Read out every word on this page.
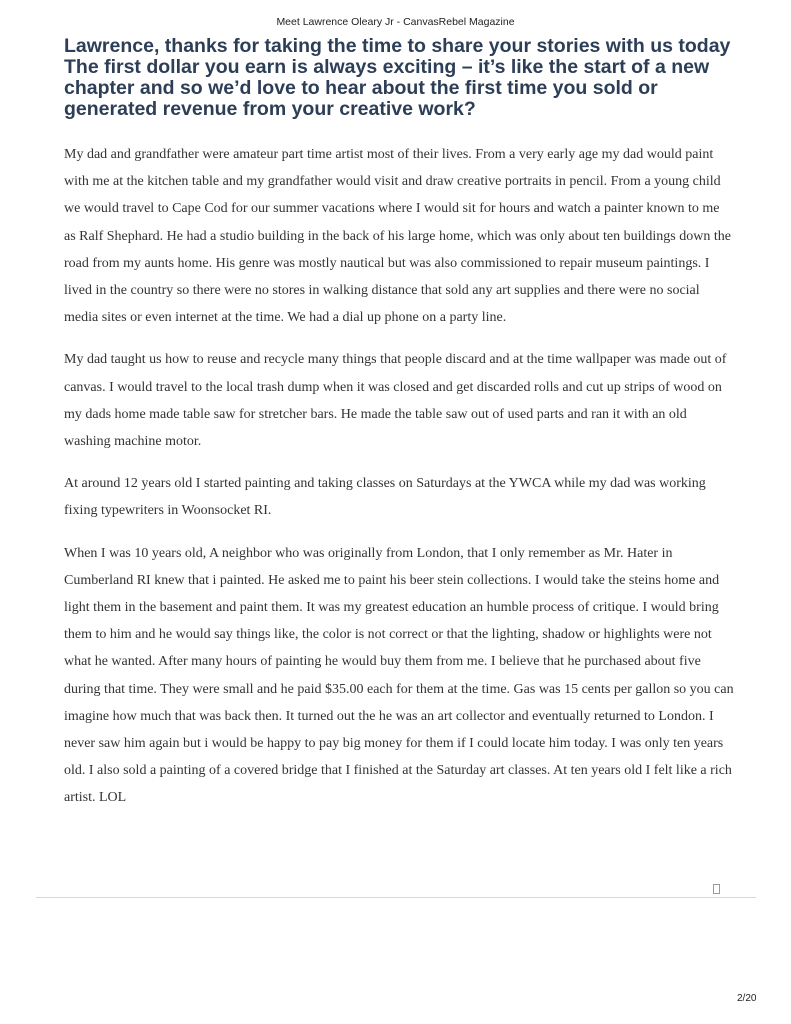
Meet Lawrence Oleary Jr - CanvasRebel Magazine
Lawrence, thanks for taking the time to share your stories with us today The first dollar you earn is always exciting – it’s like the start of a new chapter and so we’d love to hear about the first time you sold or generated revenue from your creative work?

My dad and grandfather were amateur part time artist most of their lives. From a very early age my dad would paint with me at the kitchen table and my grandfather would visit and draw creative portraits in pencil. From a young child we would travel to Cape Cod for our summer vacations where I would sit for hours and watch a painter known to me as Ralf Shephard. He had a studio building in the back of his large home, which was only about ten buildings down the road from my aunts home. His genre was mostly nautical but was also commissioned to repair museum paintings. I lived in the country so there were no stores in walking distance that sold any art supplies and there were no social media sites or even internet at the time. We had a dial up phone on a party line.

My dad taught us how to reuse and recycle many things that people discard and at the time wallpaper was made out of canvas. I would travel to the local trash dump when it was closed and get discarded rolls and cut up strips of wood on my dads home made table saw for stretcher bars. He made the table saw out of used parts and ran it with an old washing machine motor.

At around 12 years old I started painting and taking classes on Saturdays at the YWCA while my dad was working fixing typewriters in Woonsocket RI.

When I was 10 years old, A neighbor who was originally from London, that I only remember as Mr. Hater in Cumberland RI knew that i painted. He asked me to paint his beer stein collections. I would take the steins home and light them in the basement and paint them. It was my greatest education an humble process of critique. I would bring them to him and he would say things like, the color is not correct or that the lighting, shadow or highlights were not what he wanted. After many hours of painting he would buy them from me. I believe that he purchased about five during that time. They were small and he paid $35.00 each for them at the time. Gas was 15 cents per gallon so you can imagine how much that was back then. It turned out the he was an art collector and eventually returned to London. I never saw him again but i would be happy to pay big money for them if I could locate him today. I was only ten years old. I also sold a painting of a covered bridge that I finished at the Saturday art classes. At ten years old I felt like a rich artist. LOL

2/20
